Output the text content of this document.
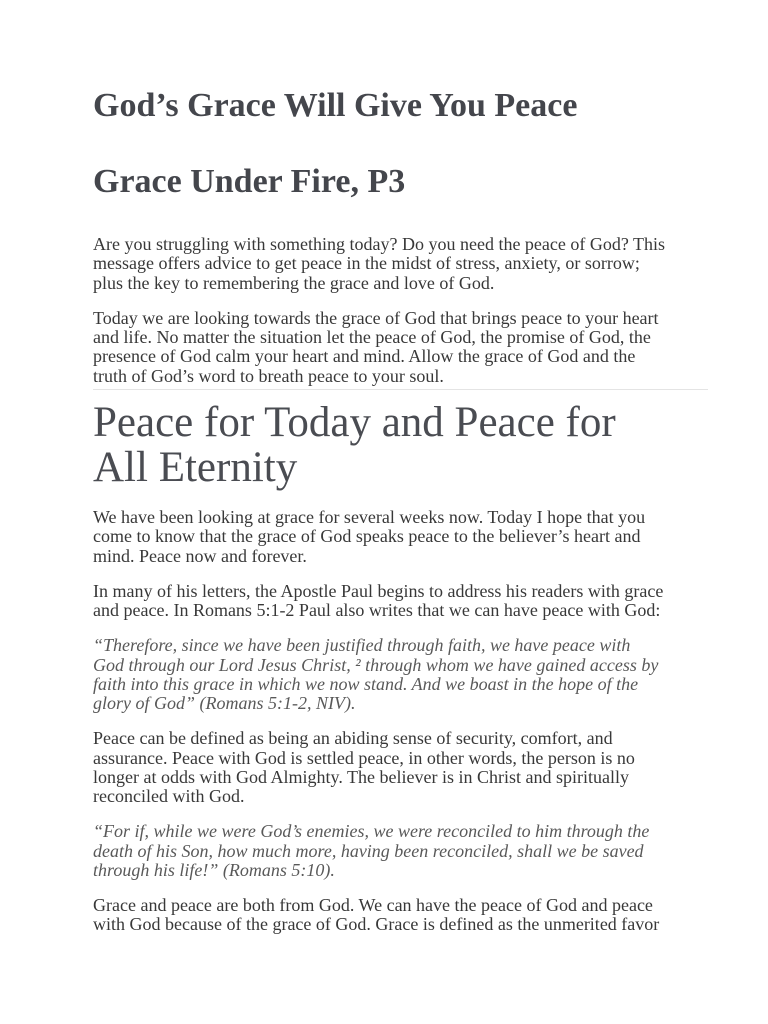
God’s Grace Will Give You Peace
Grace Under Fire, P3

Are you struggling with something today? Do you need the peace of God? This
message offers advice to get peace in the midst of stress, anxiety, or sorrow;
plus the key to remembering the grace and love of God.

Today we are looking towards the grace of God that brings peace to your heart
and life. No matter the situation let the peace of God, the promise of God, the
presence of God calm your heart and mind. Allow the grace of God and the
truth of God’s word to breath peace to your soul.

Peace for Today and Peace for All Eternity

We have been looking at grace for several weeks now. Today I hope that you
come to know that the grace of God speaks peace to the believer’s heart and
mind. Peace now and forever.

In many of his letters, the Apostle Paul begins to address his readers with grace
and peace. In Romans 5:1-2 Paul also writes that we can have peace with God:

“Therefore, since we have been justified through faith, we have peace with
God through our Lord Jesus Christ, ² through whom we have gained access by
faith into this grace in which we now stand. And we boast in the hope of the
glory of God” (Romans 5:1-2, NIV).

Peace can be defined as being an abiding sense of security, comfort, and
assurance. Peace with God is settled peace, in other words, the person is no
longer at odds with God Almighty. The believer is in Christ and spiritually
reconciled with God.

“For if, while we were God’s enemies, we were reconciled to him through the
death of his Son, how much more, having been reconciled, shall we be saved
through his life!” (Romans 5:10).

Grace and peace are both from God. We can have the peace of God and peace
with God because of the grace of God. Grace is defined as the unmerited favor
